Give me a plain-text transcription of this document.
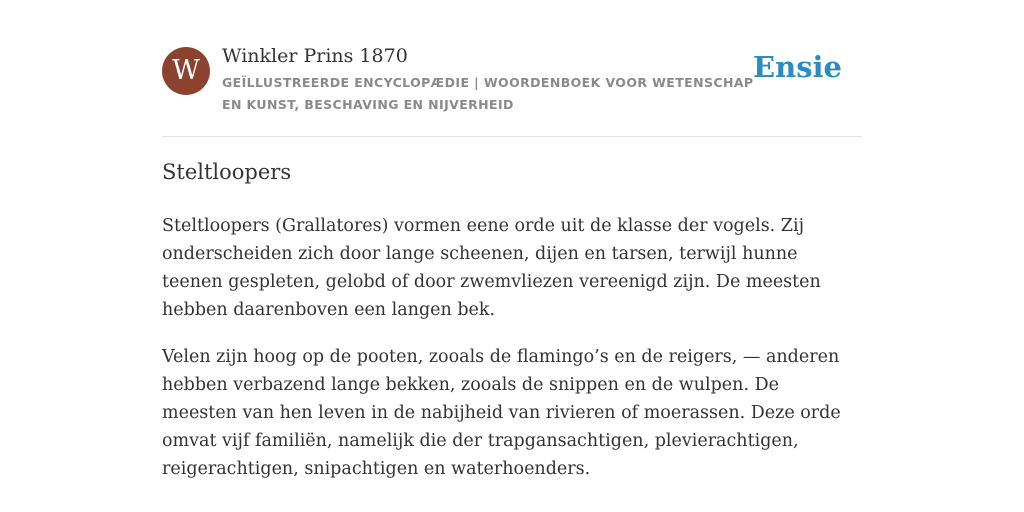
W	Winkler Prins 1870
GEÏLLUSTREERDE ENCYCLOPÆDIE | WOORDENBOEK VOOR WETENSCHAP EN KUNST, BESCHAVING EN NIJVERHEID
Ensie
Steltloopers

Steltloopers (Grallatores) vormen eene orde uit de klasse der vogels. Zij onderscheiden zich door lange scheenen, dijen en tarsen, terwijl hunne teenen gespleten, gelobd of door zwemvliezen vereenigd zijn. De meesten hebben daarenboven een langen bek.

Velen zijn hoog op de pooten, zooals de flamingo’s en de reigers, — anderen hebben verbazend lange bekken, zooals de snippen en de wulpen. De meesten van hen leven in de nabijheid van rivieren of moerassen. Deze orde omvat vijf familiën, namelijk die der trapgansachtigen, plevierachtigen, reigerachtigen, snipachtigen en waterhoenders.
